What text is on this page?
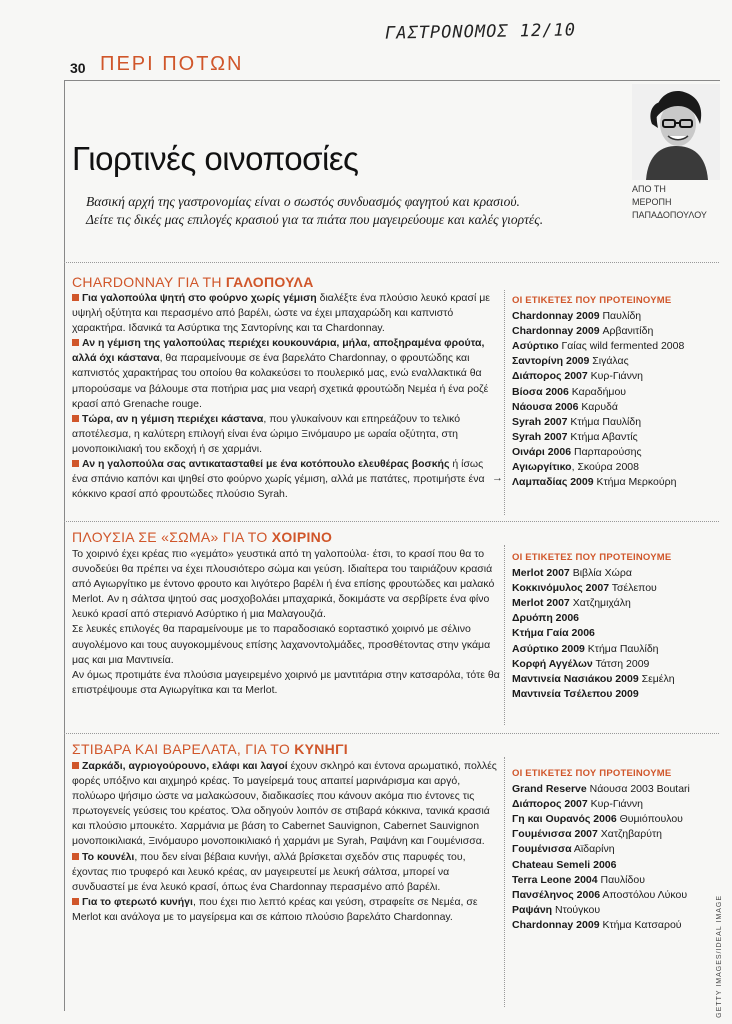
ΓΑΣΤΡΟΝΟΜΟΣ 12/10
30 ΠΕΡΙ ΠΟΤΩΝ
ΑΠΟ ΤΗ
ΜΕΡΟΠΗ
ΠΑΠΑΔΟΠΟΥΛΟΥ
Γιορτινές οινοποσίες
Βασική αρχή της γαστρονομίας είναι ο σωστός συνδυασμός φαγητού και κρασιού.
Δείτε τις δικές μας επιλογές κρασιού για τα πιάτα που μαγειρεύουμε και καλές γιορτές.
CHARDONNAY ΓΙΑ ΤΗ ΓΑΛΟΠΟΥΛΑ

Για γαλοπούλα ψητή στο φούρνο χωρίς γέμιση διαλέξτε ένα πλούσιο λευκό κρασί με υψηλή οξύτητα και περασμένο από βαρέλι, ώστε να έχει μπαχαρώδη και καπνιστό χαρακτήρα. Ιδανικά τα Ασύρτικα της Σαντορίνης και τα Chardonnay.

Αν η γέμιση της γαλοπούλας περιέχει κουκουνάρια, μήλα, αποξηραμένα φρούτα, αλλά όχι κάστανα, θα παραμείνουμε σε ένα βαρελάτο Chardonnay, ο φρουτώδης και καπνιστός χαρακτήρας του οποίου θα κολακεύσει το πουλερικό μας, ενώ εναλλακτικά θα μπορούσαμε να βάλουμε στα ποτήρια μας μια νεαρή σχετικά φρουτώδη Νεμέα ή ένα ροζέ κρασί από Grenache rouge.

Τώρα, αν η γέμιση περιέχει κάστανα, που γλυκαίνουν και επηρεάζουν το τελικό αποτέλεσμα, η καλύτερη επιλογή είναι ένα ώριμο Ξινόμαυρο με ωραία οξύτητα, στη μονοποικιλιακή του εκδοχή ή σε χαρμάνι.

Αν η γαλοπούλα σας αντικατασταθεί με ένα κοτόπουλο ελευθέρας βοσκής ή ίσως ένα σπάνιο καπόνι και ψηθεί στο φούρνο χωρίς γέμιση, αλλά με πατάτες, προτιμήστε ένα κόκκινο κρασί από φρουτώδες πλούσιο Syrah.

ΟΙ ΕΤΙΚΕΤΕΣ ΠΟΥ ΠΡΟΤΕΙΝΟΥΜΕ
Chardonnay 2009 Παυλίδη
Chardonnay 2009 Αρβανιτίδη
Ασύρτικο Γαίας wild fermented 2008
Σαντορίνη 2009 Σιγάλας
Διάπορος 2007 Κυρ-Γιάννη
Βίοσα 2006 Καραδήμου
Νάουσα 2006 Καρυδά
Syrah 2007 Κτήμα Παυλίδη
Syrah 2007 Κτήμα Αβαντίς
Οινάρι 2006 Παρπαρούσης
Αγιωργίτικο, Σκούρα 2008
Λαμπαδίας 2009 Κτήμα Μερκούρη
→
ΠΛΟΥΣΙΑ ΣΕ «ΣΩΜΑ» ΓΙΑ ΤΟ ΧΟΙΡΙΝΟ

Το χοιρινό έχει κρέας πιο «γεμάτο» γευστικά από τη γαλοπούλα· έτσι, το κρασί που θα το συνοδεύει θα πρέπει να έχει πλουσιότερο σώμα και γεύση. Ιδιαίτερα του ταιριάζουν κρασιά από Αγιωργίτικο με έντονο φρουτο και λιγότερο βαρέλι ή ένα επίσης φρουτώδες και μαλακό Merlot. Αν η σάλτσα ψητού σας μοσχοβολάει μπαχαρικά, δοκιμάστε να σερβίρετε ένα φίνο λευκό κρασί από στεριανό Ασύρτικο ή μια Μαλαγουζιά.

Σε λευκές επιλογές θα παραμείνουμε με το παραδοσιακό εορταστικό χοιρινό με σέλινο αυγολέμονο και τους αυγοκομμένους επίσης λαχανοντολμάδες, προσθέτοντας στην γκάμα μας και μια Μαντινεία.

Αν όμως προτιμάτε ένα πλούσια μαγειρεμένο χοιρινό με μαντιτάρια στην κατσαρόλα, τότε θα επιστρέψουμε στα Αγιωργίτικα και τα Merlot.

ΟΙ ΕΤΙΚΕΤΕΣ ΠΟΥ ΠΡΟΤΕΙΝΟΥΜΕ
Merlot 2007 Βιβλία Χώρα
Κοκκινόμυλος 2007 Τσέλεπου
Merlot 2007 Χατζημιχάλη
Δρυόπη 2006
Κτήμα Γαία 2006
Ασύρτικο 2009 Κτήμα Παυλίδη
Κορφή Αγγέλων Τάτση 2009
Μαντινεία Νασιάκου 2009 Σεμέλη
Μαντινεία Τσέλεπου 2009
ΣΤΙΒΑΡΑ ΚΑΙ ΒΑΡΕΛΑΤΑ, ΓΙΑ ΤΟ ΚΥΝΗΓΙ

Ζαρκάδι, αγριογούρουνο, ελάφι και λαγοί έχουν σκληρό και έντονα αρωματικό, πολλές φορές υπόξινο και αιχμηρό κρέας. Το μαγείρεμά τους απαιτεί μαρινάρισμα και αργό, πολύωρο ψήσιμο ώστε να μαλακώσουν, διαδικασίες που κάνουν ακόμα πιο έντονες τις πρωτογενείς γεύσεις του κρέατος. Όλα οδηγούν λοιπόν σε στιβαρά κόκκινα, τανικά κρασιά και πλούσιο μπουκέτο. Χαρμάνια με βάση το Cabernet Sauvignon, Cabernet Sauvignon μονοποικιλιακά, Ξινόμαυρο μονοποικιλιακό ή χαρμάνι με Syrah, Ραψάνη και Γουμένισσα.

Το κουνέλι, που δεν είναι βέβαια κυνήγι, αλλά βρίσκεται σχεδόν στις παρυφές του, έχοντας πιο τρυφερό και λευκό κρέας, αν μαγειρευτεί με λευκή σάλτσα, μπορεί να συνδυαστεί με ένα λευκό κρασί, όπως ένα Chardonnay περασμένο από βαρέλι.

Για το φτερωτό κυνήγι, που έχει πιο λεπτό κρέας και γεύση, στραφείτε σε Νεμέα, σε Merlot και ανάλογα με το μαγείρεμα και σε κάποιο πλούσιο βαρελάτο Chardonnay.

ΟΙ ΕΤΙΚΕΤΕΣ ΠΟΥ ΠΡΟΤΕΙΝΟΥΜΕ
Grand Reserve Νάουσα 2003 Boutari
Διάπορος 2007 Κυρ-Γιάννη
Γη και Ουρανός 2006 Θυμιόπουλου
Γουμένισσα 2007 Χατζηβαρύτη
Γουμένισσα Αϊδαρίνη
Chateau Semeli 2006
Terra Leone 2004 Παυλίδου
Πανσέληνος 2006 Αποστόλου Λύκου
Ραψάνη Ντούγκου
Chardonnay 2009 Κτήμα Κατσαρού	GETTY IMAGES/IDEAL IMAGE
